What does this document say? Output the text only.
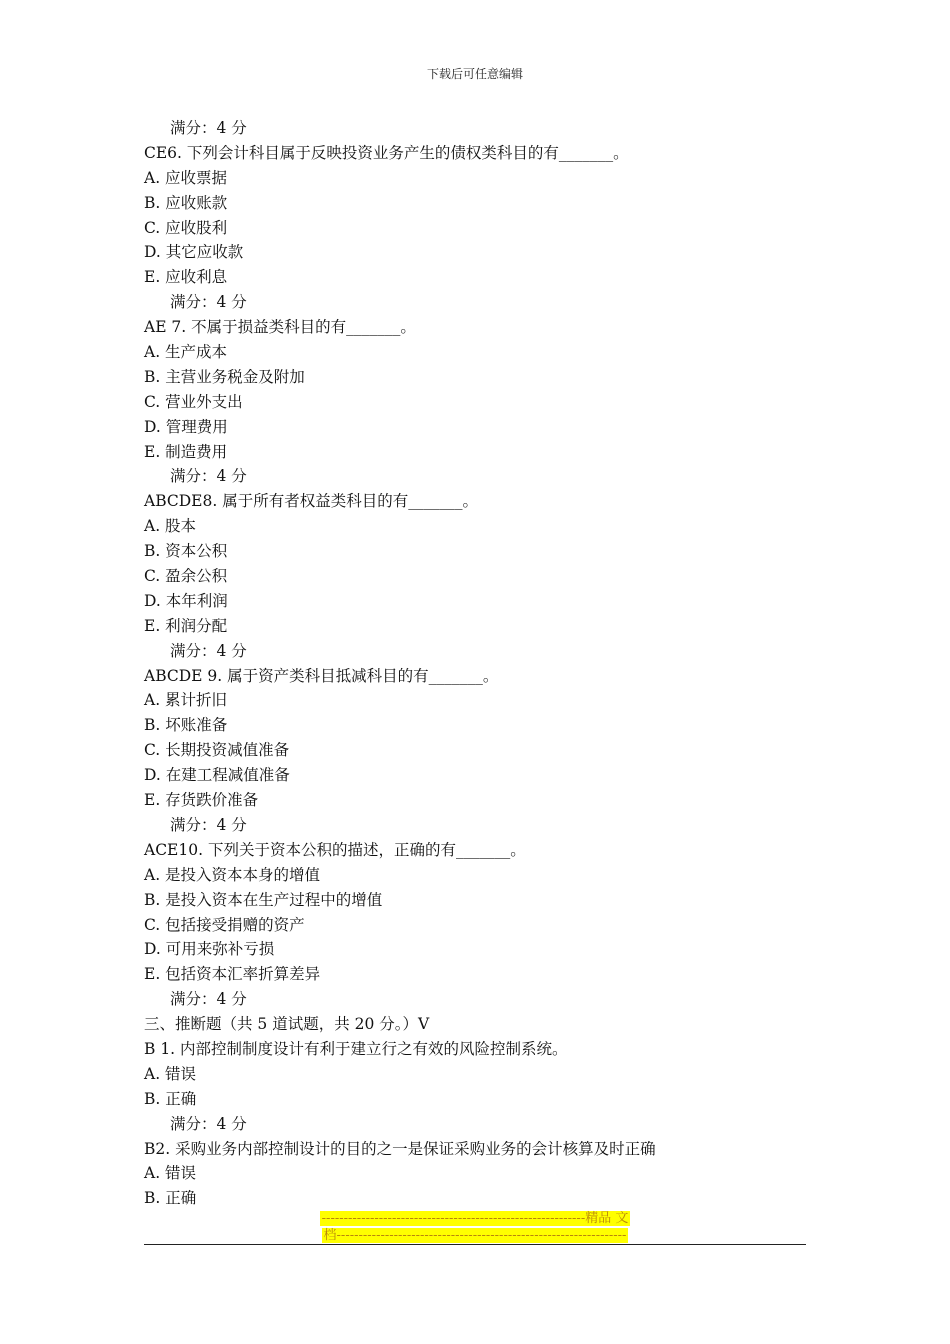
下载后可任意编辑
满分：4 分
CE6. 下列会计科目属于反映投资业务产生的债权类科目的有_______。
A. 应收票据
B. 应收账款
C. 应收股利
D. 其它应收款
E. 应收利息
满分：4 分
AE 7. 不属于损益类科目的有_______。
A. 生产成本
B. 主营业务税金及附加
C. 营业外支出
D. 管理费用
E. 制造费用
满分：4 分
ABCDE8. 属于所有者权益类科目的有_______。
A. 股本
B. 资本公积
C. 盈余公积
D. 本年利润
E. 利润分配
满分：4 分
ABCDE 9. 属于资产类科目抵减科目的有_______。
A. 累计折旧
B. 坏账准备
C. 长期投资减值准备
D. 在建工程减值准备
E. 存货跌价准备
满分：4 分
ACE10. 下列关于资本公积的描述，正确的有_______。
A. 是投入资本本身的增值
B. 是投入资本在生产过程中的增值
C. 包括接受捐赠的资产
D. 可用来弥补亏损
E. 包括资本汇率折算差异
满分：4 分
三、推断题（共 5 道试题，共 20 分。）V
B 1. 内部控制制度设计有利于建立行之有效的风险控制系统。
A. 错误
B. 正确
满分：4 分
B2. 采购业务内部控制设计的目的之一是保证采购业务的会计核算及时正确
A. 错误
B. 正确
------------------------------------------------------------精品 文
档------------------------------------------------------------------
